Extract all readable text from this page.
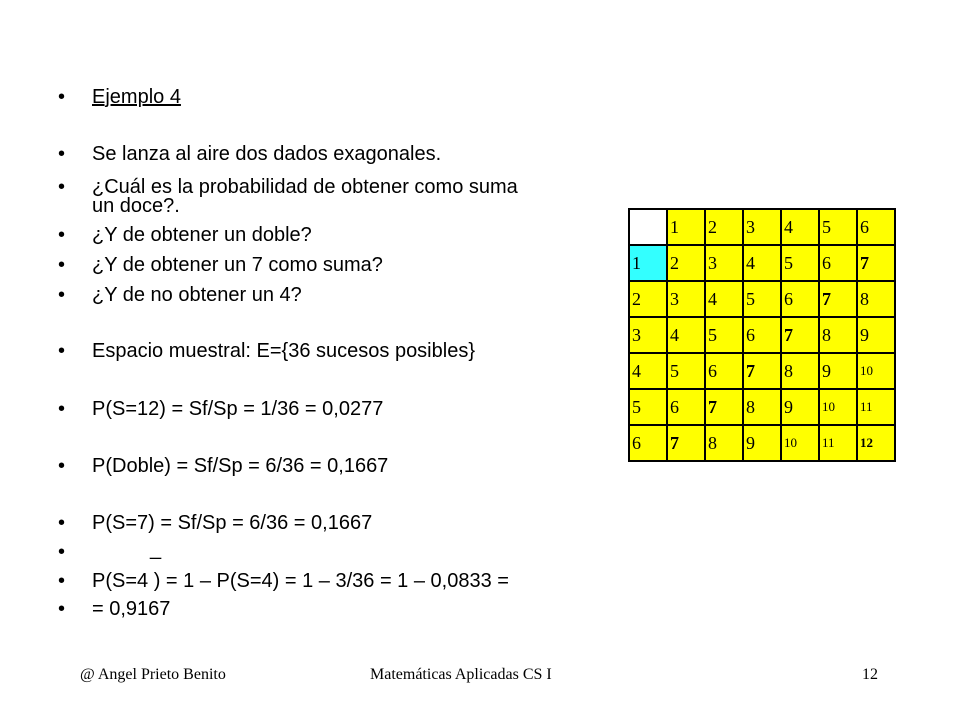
• Ejemplo 4
• Se lanza al aire dos dados exagonales.
• ¿Cuál es la probabilidad de obtener como suma
un doce?.
• ¿Y de obtener un doble?
• ¿Y de obtener un 7 como suma?
• ¿Y de no obtener un 4?
• Espacio muestral: E={36 sucesos posibles}
• P(S=12) = Sf/Sp = 1/36 = 0,0277
• P(Doble) = Sf/Sp = 6/36 = 0,1667
• P(S=7) = Sf/Sp = 6/36 = 0,1667
•	_
• P(S=4 ) = 1 – P(S=4) = 1 – 3/36 = 1 – 0,0833 =
• = 0,9167
	1	2	3	4	5	6
1	2	3	4	5	6	7
2	3	4	5	6	7	8
3	4	5	6	7	8	9
4	5	6	7	8	9	10
5	6	7	8	9	10	11
6	7	8	9	10	11	12
@ Angel Prieto Benito	Matemáticas Aplicadas CS I	12
